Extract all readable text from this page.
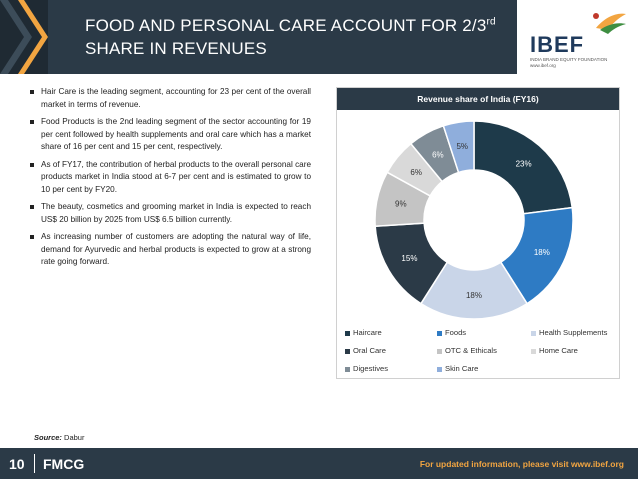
FOOD AND PERSONAL CARE ACCOUNT FOR 2/3rd
SHARE IN REVENUES	IBEF
INDIA BRAND EQUITY FOUNDATION
www.ibef.org
Hair Care is the leading segment, accounting for 23 per cent of the overall market in terms of revenue.
Food Products is the 2nd leading segment of the sector accounting for 19 per cent followed by health supplements and oral care which has a market share of 16 per cent and 15 per cent, respectively.
As of FY17, the contribution of herbal products to the overall personal care products market in India stood at 6-7 per cent and is estimated to grow to 10 per cent by FY20.
The beauty, cosmetics and grooming market in India is expected to reach US$ 20 billion by 2025 from US$ 6.5 billion currently.
As increasing number of customers are adopting the natural way of life, demand for Ayurvedic and herbal products is expected to grow at a strong rate going forward.
Revenue share of India (FY16)
23%
18%
18%
15%
9%
6%
6%
5%
Haircare	Foods	Health Supplements
Oral Care	OTC & Ethicals	Home Care
Digestives	Skin Care
Source: Dabur
10 FMCG	For updated information, please visit www.ibef.org
